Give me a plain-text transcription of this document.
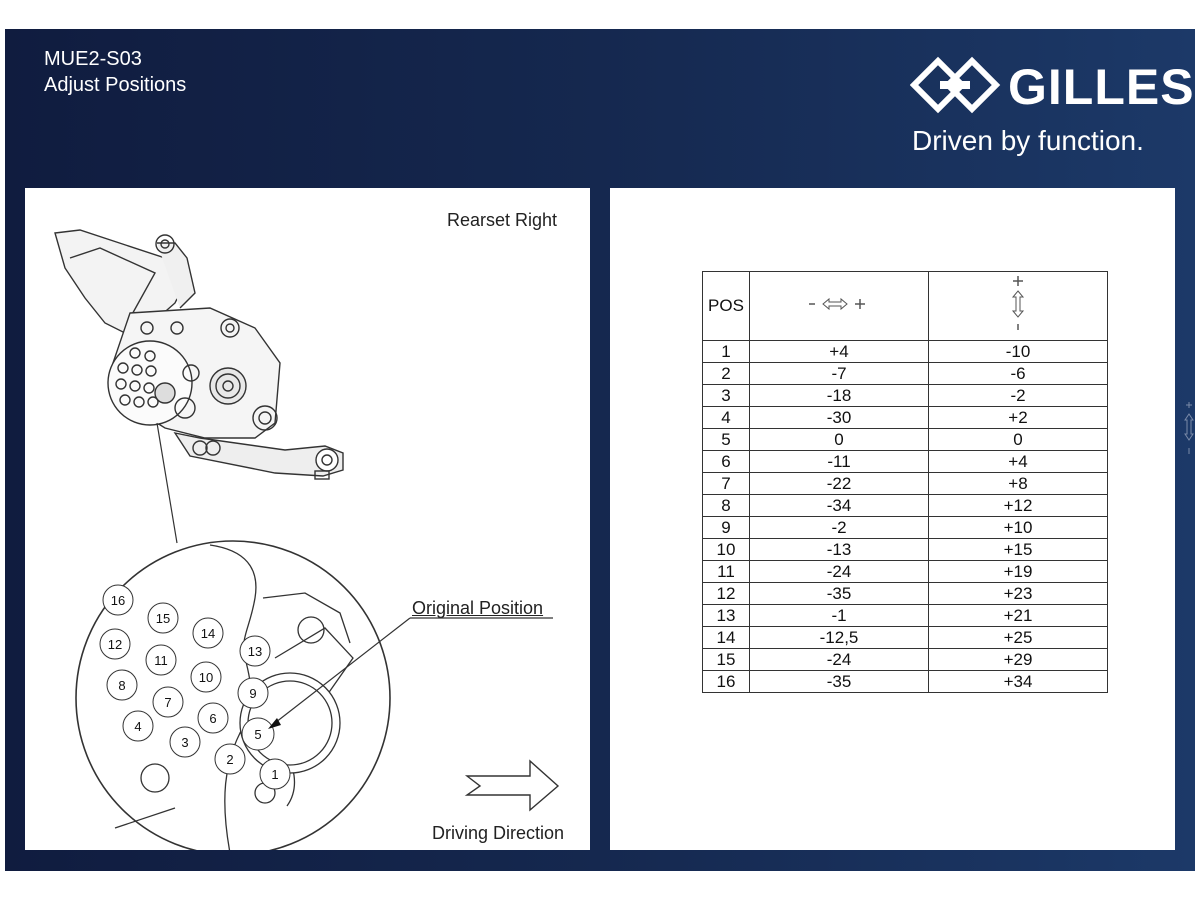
MUE2-S03
Adjust Positions	GILLES
Driven by function.
Rearset Right
Original Position
Driving Direction
16
15
14
12	13
11
10
8
9
7
6
4
5
3
2
1
POS		
1	+4	-10
2	-7	-6
3	-18	-2
4	-30	+2
5	0	0
6	-11	+4
7	-22	+8
8	-34	+12
9	-2	+10
10	-13	+15
11	-24	+19
12	-35	+23
13	-1	+21
14	-12,5	+25
15	-24	+29
16	-35	+34
